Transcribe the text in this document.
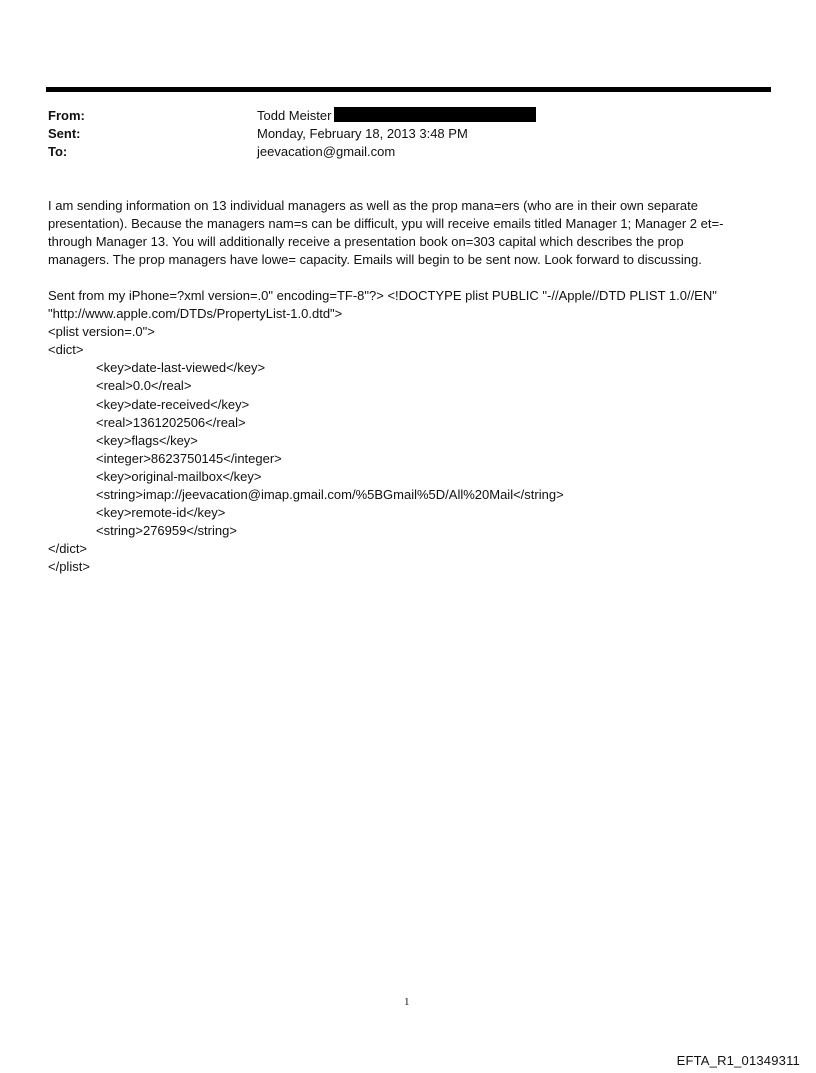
From:	Todd Meister
Sent:	Monday, February 18, 2013 3:48 PM
To:	jeevacation@gmail.com
I am sending information on 13 individual managers as well as the prop mana=ers (who are in their own separate
presentation). Because the managers nam=s can be difficult, ypu will receive emails titled Manager 1; Manager 2 et=-
through Manager 13. You will additionally receive a presentation book on=303 capital which describes the prop
managers. The prop managers have lowe= capacity. Emails will begin to be sent now. Look forward to discussing.
Sent from my iPhone=?xml version=.0" encoding=TF-8"?> <!DOCTYPE plist PUBLIC "-//Apple//DTD PLIST 1.0//EN"
"http://www.apple.com/DTDs/PropertyList-1.0.dtd">
<plist version=.0">
<dict>
<key>date-last-viewed</key>
<real>0.0</real>
<key>date-received</key>
<real>1361202506</real>
<key>flags</key>
<integer>8623750145</integer>
<key>original-mailbox</key>
<string>imap://jeevacation@imap.gmail.com/%5BGmail%5D/All%20Mail</string>
<key>remote-id</key>
<string>276959</string>
</dict>
</plist>
1
EFTA_R1_01349311
